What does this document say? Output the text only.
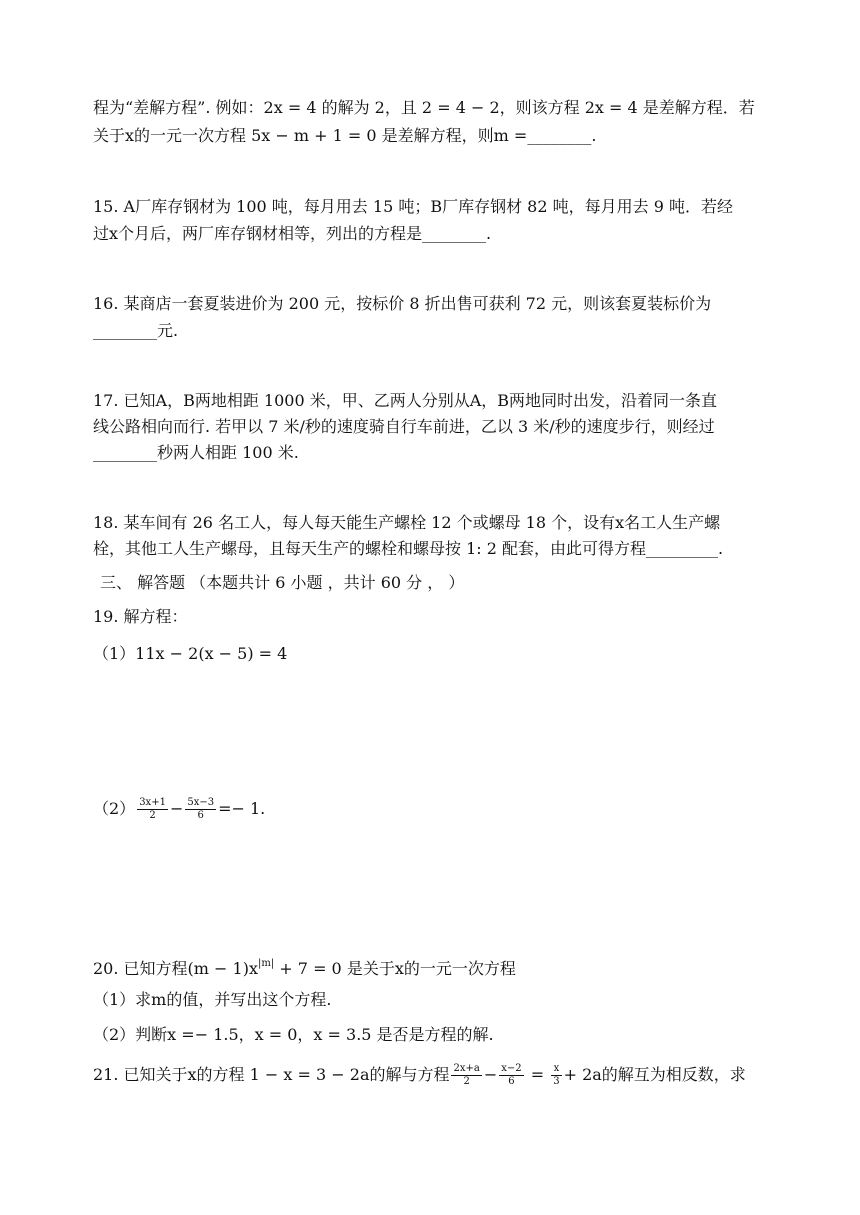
程为“差解方程”. 例如：2x = 4 的解为 2，且 2 = 4 − 2，则该方程 2x = 4 是差解方程．若
关于x的一元一次方程 5x − m + 1 = 0 是差解方程，则m =________.
15. A厂库存钢材为 100 吨，每月用去 15 吨；B厂库存钢材 82 吨，每月用去 9 吨．若经
过x个月后，两厂库存钢材相等，列出的方程是________.
16. 某商店一套夏装进价为 200 元，按标价 8 折出售可获利 72 元，则该套夏装标价为
________元.
17. 已知A，B两地相距 1000 米，甲、乙两人分别从A，B两地同时出发，沿着同一条直
线公路相向而行. 若甲以 7 米/秒的速度骑自行车前进，乙以 3 米/秒的速度步行，则经过
________秒两人相距 100 米.
18. 某车间有 26 名工人，每人每天能生产螺栓 12 个或螺母 18 个，设有x名工人生产螺
栓，其他工人生产螺母，且每天生产的螺栓和螺母按 1: 2 配套，由此可得方程_________.
三、 解答题 （本题共计 6 小题 ，共计 60 分 ， ）
19. 解方程：
（1）11x − 2(x − 5) = 4
$(2) \frac{3x+1}{2} - \frac{5x-3}{6} =- 1$.
20. 已知方程$(m - 1)x^{|m|} + 7 = 0$ 是关于x的一元一次方程
（1）求m的值，并写出这个方程.
（2）判断x =− 1.5，x = 0，x = 3.5 是否是方程的解.
21. 已知关于x的方程 1 − x = 3 − 2a的解与方程 $\frac{2x+a}{2} - \frac{x-2}{6} = \frac{x}{3} + 2a$的解互为相反数，求
